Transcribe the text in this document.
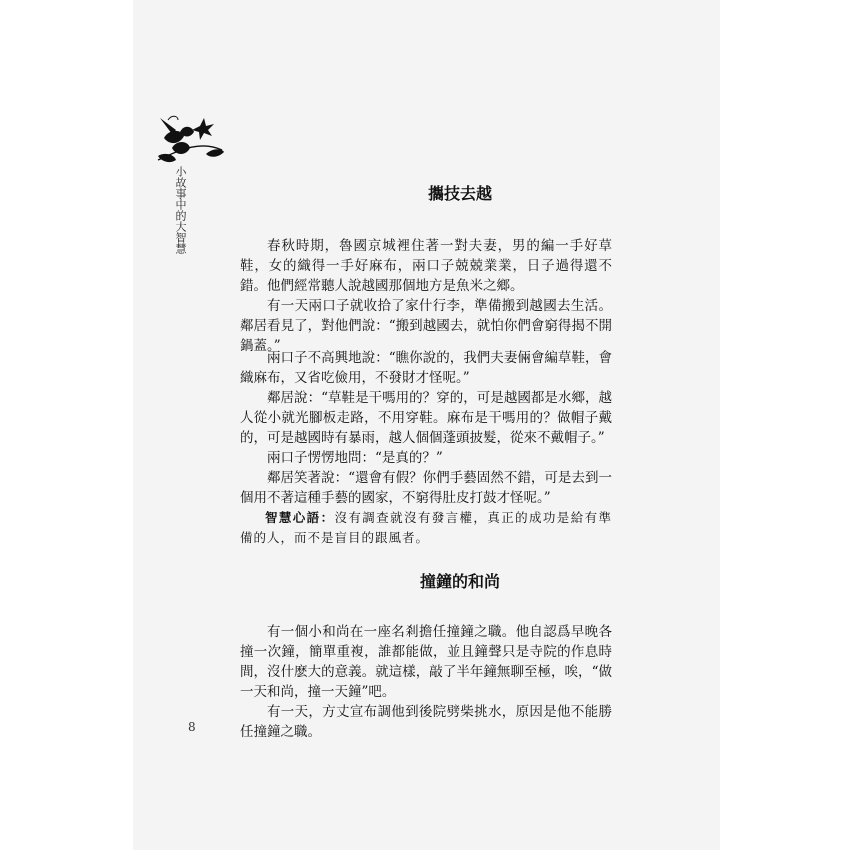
小故事中的大智慧	攜技去越

春秋時期，魯國京城裡住著一對夫妻，男的編一手好草鞋，女的織得一手好麻布，兩口子兢兢業業，日子過得還不錯。 他們經常聽人說越國那個地方是魚米之鄉。

有一天兩口子就收拾了家什行李，準備搬到越國去生活。鄰居看見了，對他們說：“搬到越國去，就怕你們會窮得揭不開鍋蓋。”

兩口子不高興地說：“瞧你說的，我們夫妻倆會編草鞋，會織麻布，又省吃儉用，不發財才怪呢。”

鄰居說：“草鞋是干嗎用的？穿的，可是越國都是水鄉，越人從小就光腳板走路，不用穿鞋。麻布是干嗎用的？做帽子戴的，可是越國時有暴雨，越人個個蓬頭披髮，從來不戴帽子。”

兩口子愣愣地問：“是真的？”

鄰居笑著說：“還會有假？你們手藝固然不錯，可是去到一個用不著這種手藝的國家，不窮得肚皮打鼓才怪呢。”

智慧心語：沒有調查就沒有發言權，真正的成功是給有準備的人，而不是盲目的跟風者。

撞鐘的和尚

有一個小和尚在一座名剎擔任撞鐘之職。他自認爲早晚各撞一次鐘，簡單重複，誰都能做，並且鐘聲只是寺院的作息時間，沒什麽大的意義。就這樣，敲了半年鐘無聊至極，唉，“做一天和尚，撞一天鐘”吧。

有一天，方丈宣布調他到後院劈柴挑水，原因是他不能勝任撞鐘之職。

8
